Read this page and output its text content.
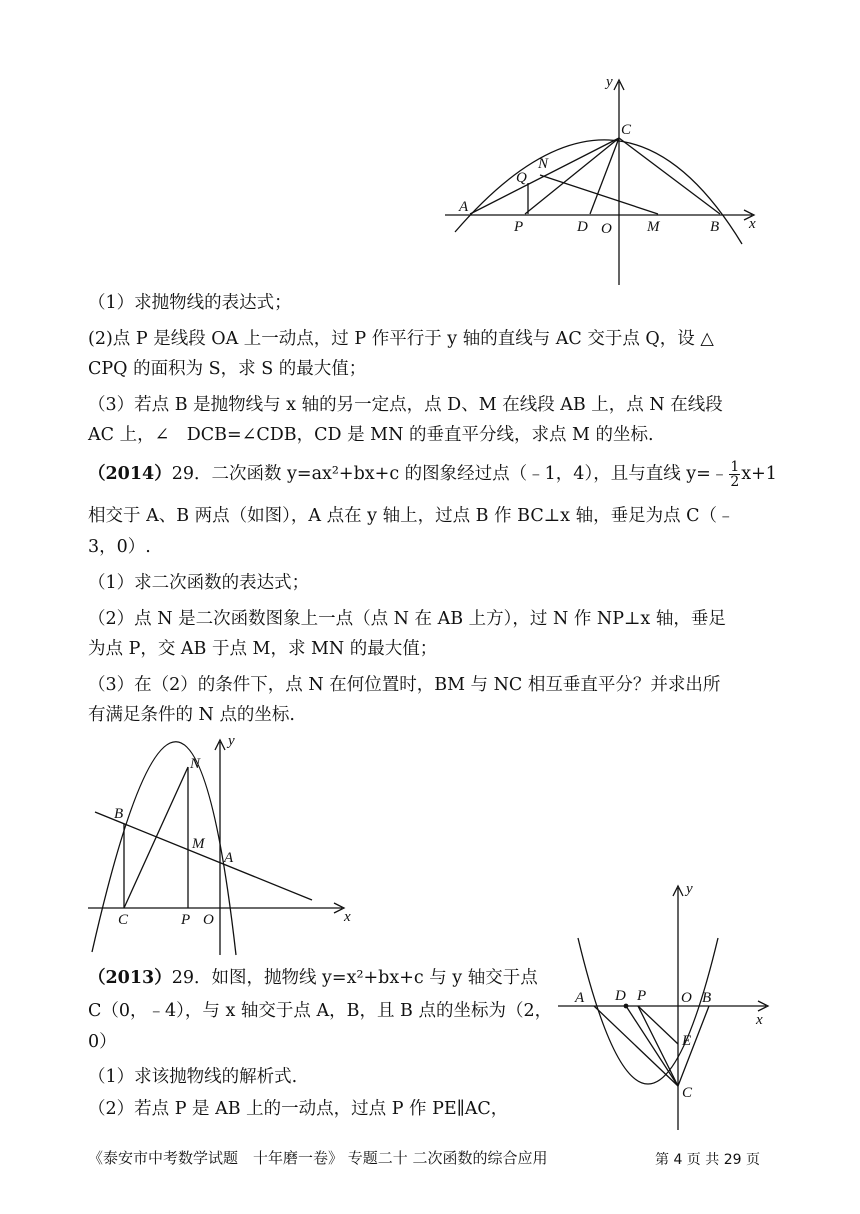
y
x
C
N
Q
A
P	D O M	B
（1）求抛物线的表达式；
(2)点 P 是线段 OA 上一动点，过 P 作平行于 y 轴的直线与 AC 交于点 Q，设 △
CPQ 的面积为 S，求 S 的最大值；
（3）若点 B 是抛物线与 x 轴的另一定点，点 D、M 在线段 AB 上，点 N 在线段
AC 上，∠　DCB=∠CDB，CD 是 MN 的垂直平分线，求点 M 的坐标.
（2014）29．二次函数 y=ax²+bx+c 的图象经过点（﹣1，4），且与直线 y=﹣ $\frac{1}{2} x+1$
相交于 A、B 两点（如图），A 点在 y 轴上，过点 B 作 BC⊥x 轴，垂足为点 C（﹣
3，0）.
（1）求二次函数的表达式；
（2）点 N 是二次函数图象上一点（点 N 在 AB 上方），过 N 作 NP⊥x 轴，垂足
为点 P，交 AB 于点 M，求 MN 的最大值；
（3）在（2）的条件下，点 N 在何位置时，BM 与 NC 相互垂直平分？并求出所
有满足条件的 N 点的坐标.
y
x
N
B
M
A
C	P O
（2013）29．如图，抛物线 y=x²+bx+c 与 y 轴交于点
C（0，﹣4），与 x 轴交于点 A，B，且 B 点的坐标为（2，
0）
（1）求该抛物线的解析式.
（2）若点 P 是 AB 上的一动点，过点 P 作 PE∥AC，
y
x
A D P O B
E
C
《泰安市中考数学试题　十年磨一卷》 专题二十 二次函数的综合应用	第 4 页 共 29 页
